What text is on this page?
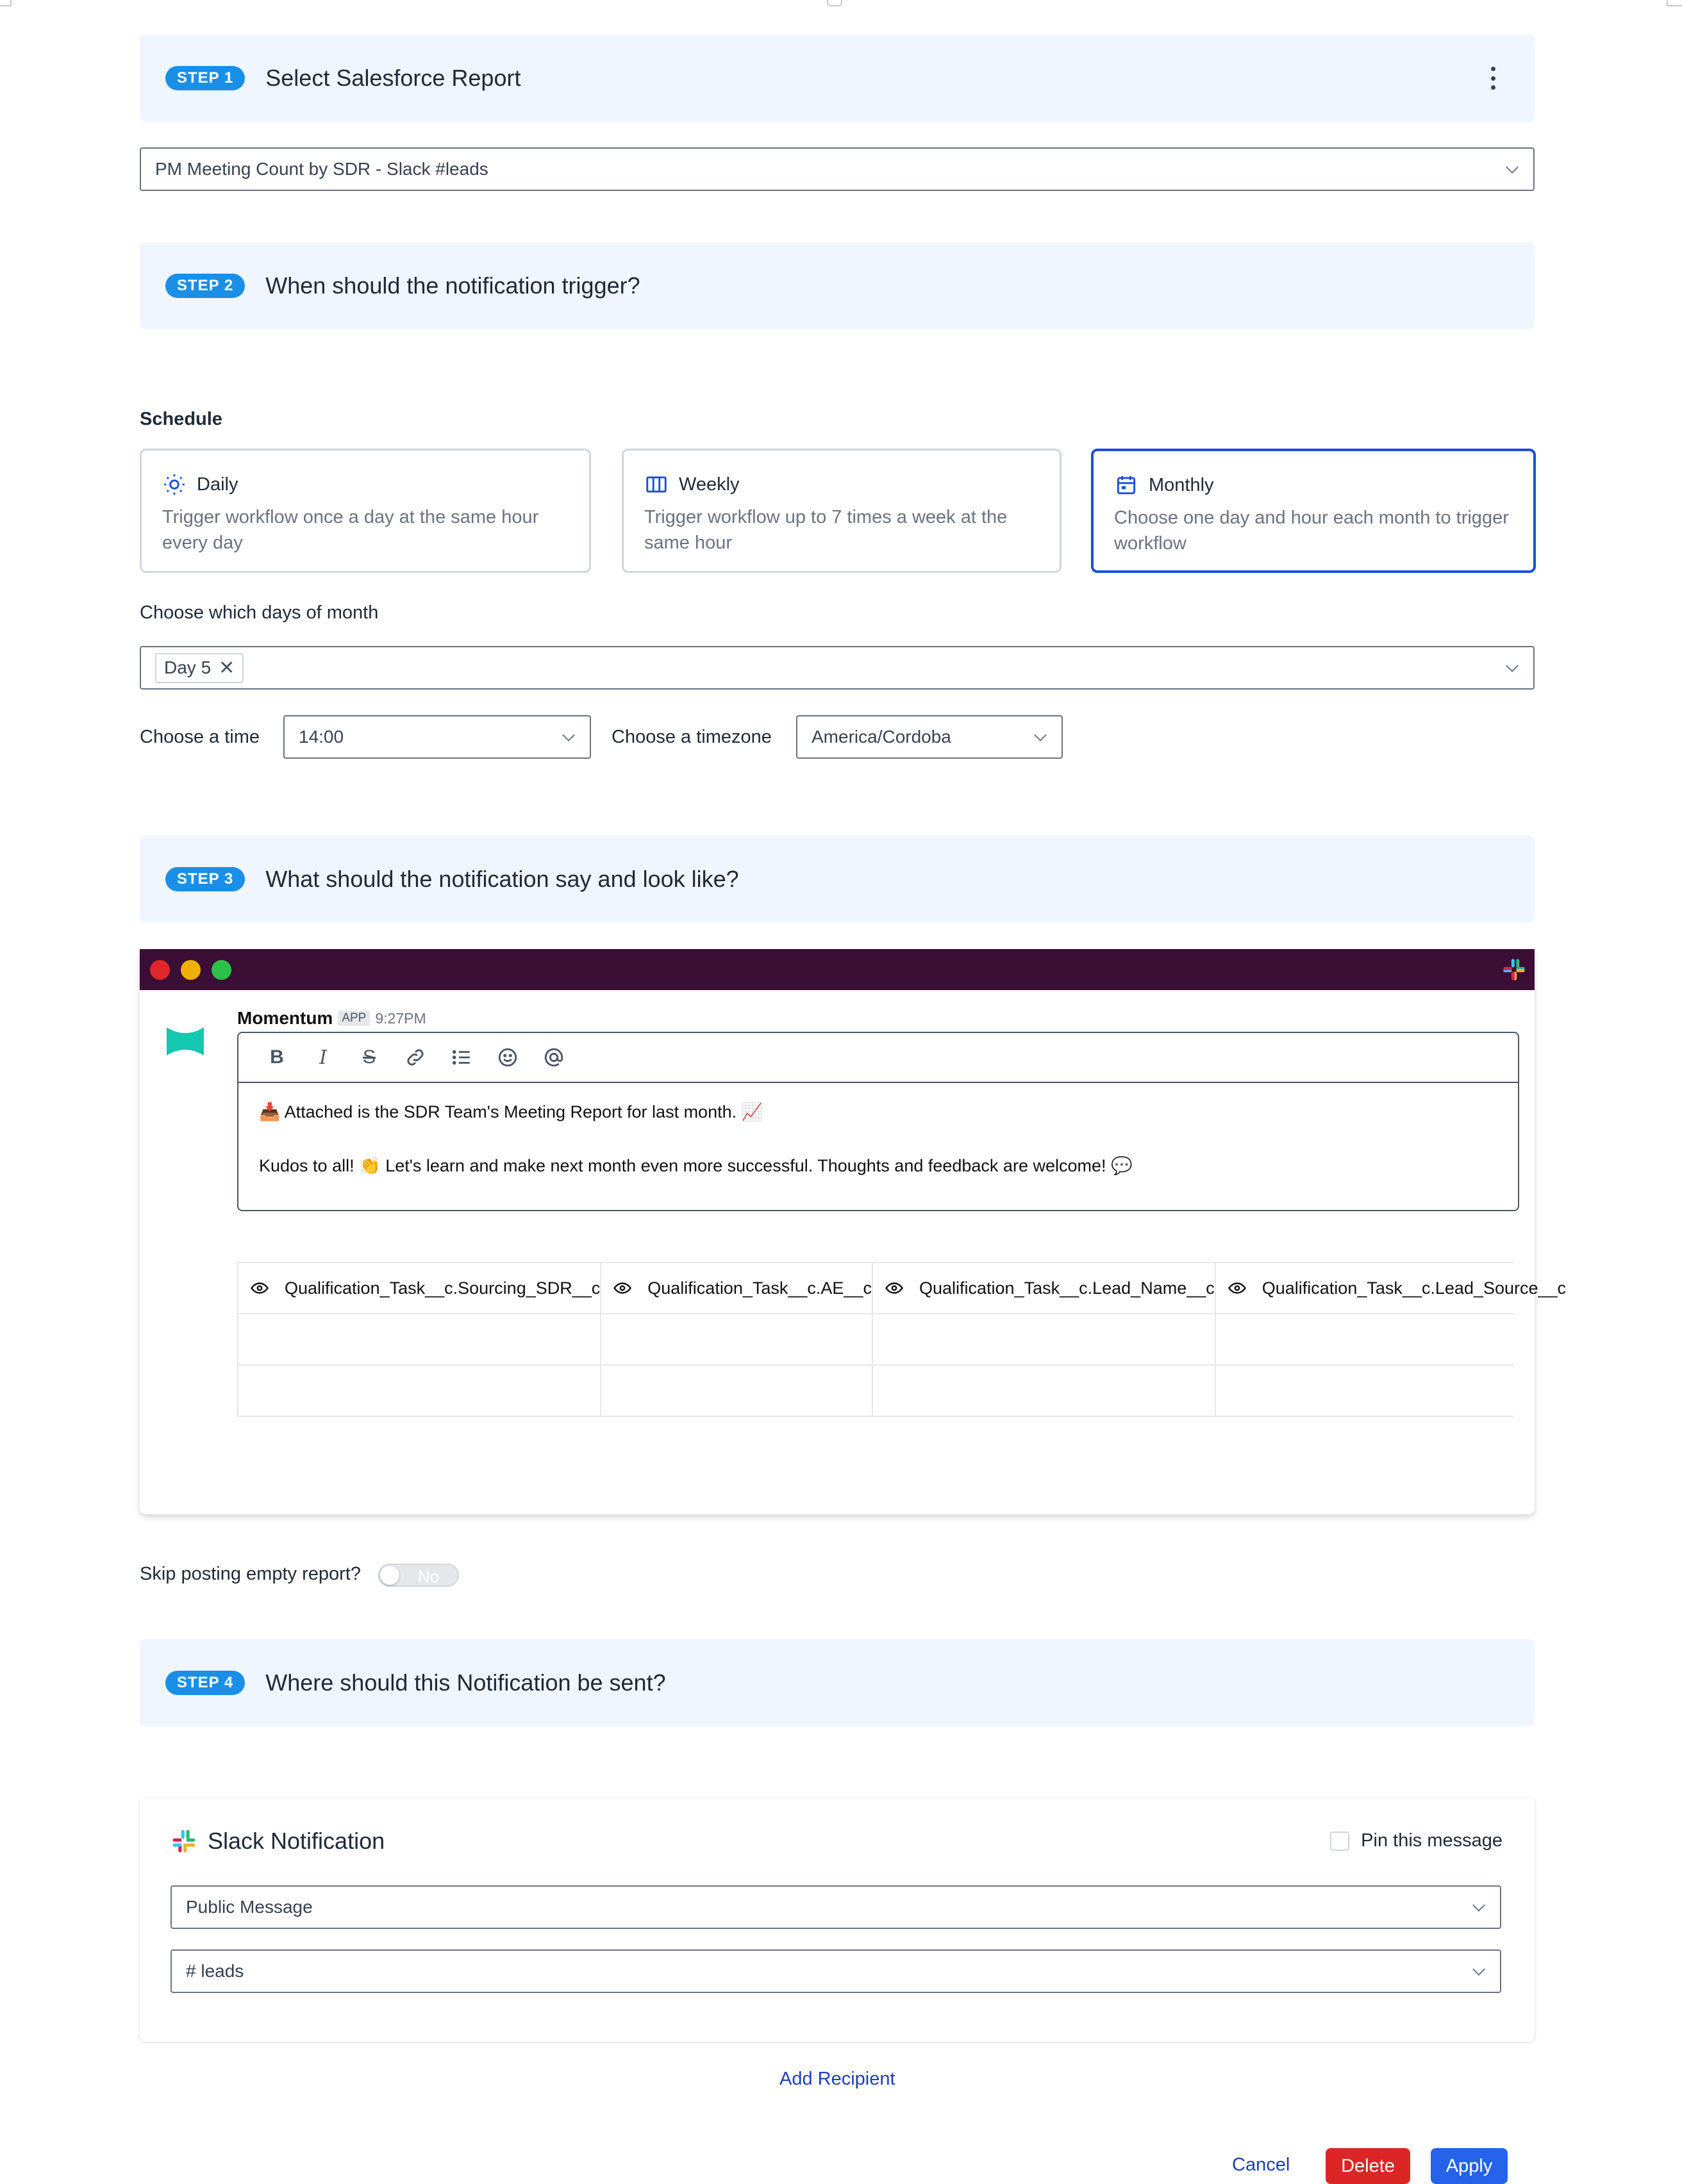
STEP 1	Select Salesforce Report
PM Meeting Count by SDR - Slack #leads
STEP 2	When should the notification trigger?
Schedule
Daily
Trigger workflow once a day at the same hour every day
Weekly
Trigger workflow up to 7 times a week at the same hour
Monthly
Choose one day and hour each month to trigger workflow
Choose which days of month
Day 5 ✕
Choose a time 14:00	Choose a timezone America/Cordoba
STEP 3	What should the notification say and look like?
Momentum APP 9:27PM
B	I	S
📥 Attached is the SDR Team's Meeting Report for last month. 📈
Kudos to all! 👏 Let's learn and make next month even more successful. Thoughts and feedback are welcome! 💬
Qualification_Task__c.Sourcing_SDR__c	Qualification_Task__c.AE__c	Qualification_Task__c.Lead_Name__c	Qualification_Task__c.Lead_Source__c

Skip posting empty report?	No
STEP 4	Where should this Notification be sent?
Slack Notification	Pin this message
Public Message
# leads
Add Recipient
Cancel	Delete	Apply
